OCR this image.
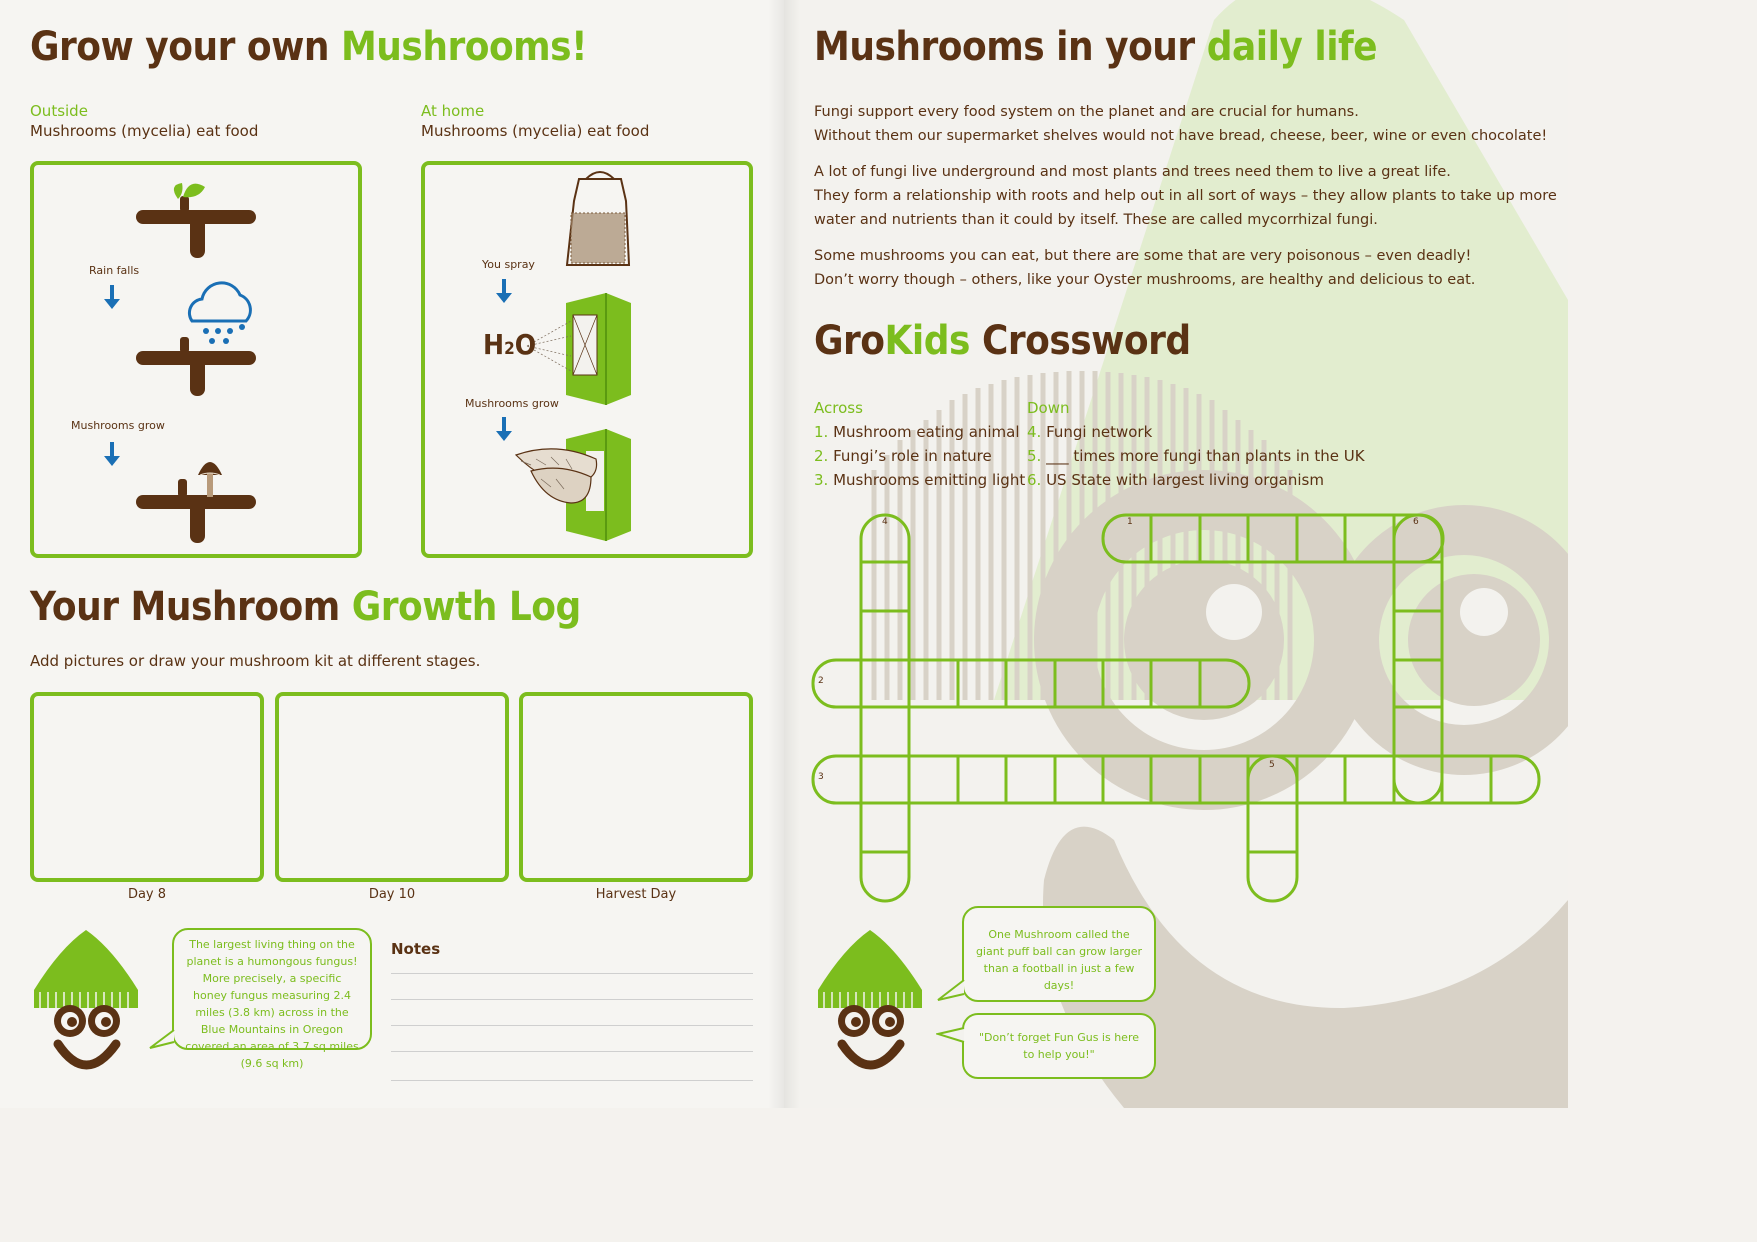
Grow your own Mushrooms!
Outside
Mushrooms (mycelia) eat food
Rain falls
Mushrooms grow
At home
Mushrooms (mycelia) eat food
You spray
Mushrooms grow
H2O
Your Mushroom Growth Log
Add pictures or draw your mushroom kit at different stages.
Day 8	Day 10	Harvest Day
The largest living thing on the planet is a humongous fungus! More precisely, a specific honey fungus measuring 2.4 miles (3.8 km) across in the Blue Mountains in Oregon covered an area of 3.7 sq miles (9.6 sq km)
Notes
Mushrooms in your daily life
Fungi support every food system on the planet and are crucial for humans.
Without them our supermarket shelves would not have bread, cheese, beer, wine or even chocolate!
A lot of fungi live underground and most plants and trees need them to live a great life.
They form a relationship with roots and help out in all sort of ways – they allow plants to take up more
water and nutrients than it could by itself. These are called mycorrhizal fungi.
Some mushrooms you can eat, but there are some that are very poisonous – even deadly!
Don’t worry though – others, like your Oyster mushrooms, are healthy and delicious to eat.
GroKids Crossword
Across
1. Mushroom eating animal
2. Fungi’s role in nature
3. Mushrooms emitting light
Down
4. Fungi network
5. ___ times more fungi than plants in the UK
6. US State with largest living organism
1
2
3
4
5
6
One Mushroom called the giant puff ball can grow larger than a football in just a few days!
"Don’t forget Fun Gus is here to help you!"
